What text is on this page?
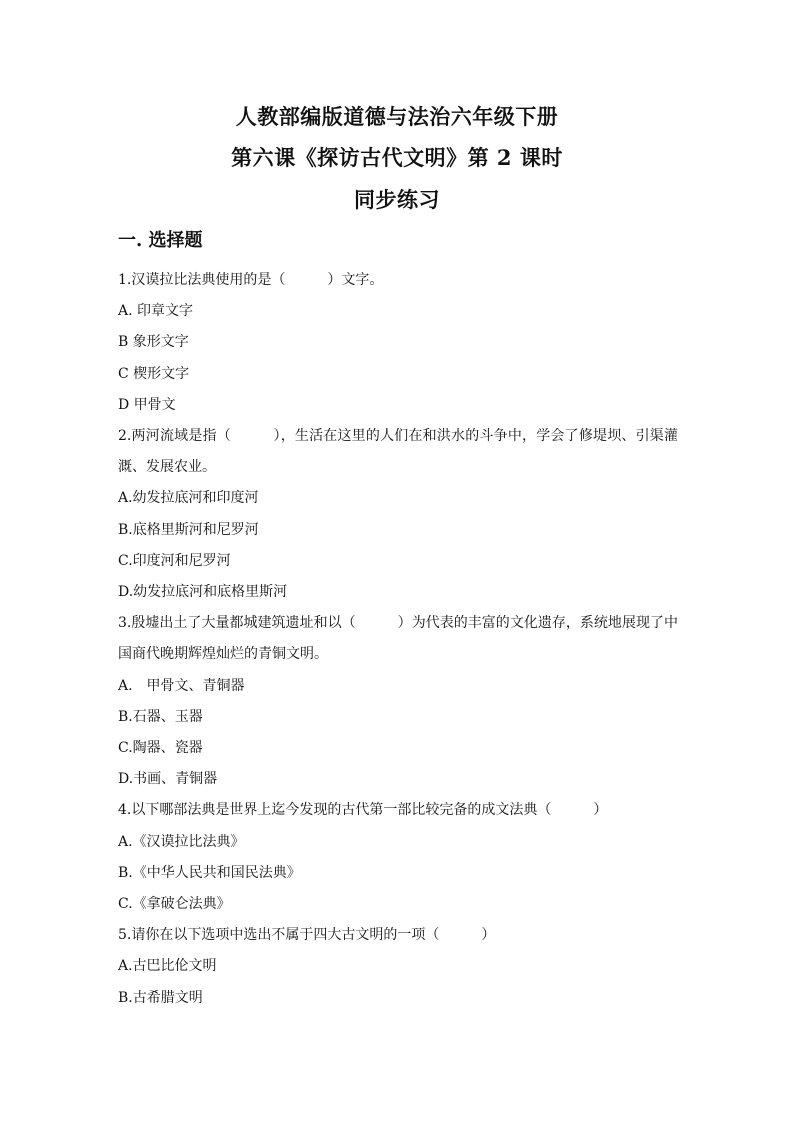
人教部编版道德与法治六年级下册
第六课《探访古代文明》第 2 课时
同步练习
一. 选择题

1.汉谟拉比法典使用的是（　　　）文字。

A. 印章文字

B 象形文字

C 楔形文字

D 甲骨文

2.两河流域是指（　　　），生活在这里的人们在和洪水的斗争中，学会了修堤坝、引渠灌溉、发展农业。

A.幼发拉底河和印度河

B.底格里斯河和尼罗河

C.印度河和尼罗河

D.幼发拉底河和底格里斯河

3.殷墟出土了大量都城建筑遗址和以（　　　）为代表的丰富的文化遗存，系统地展现了中国商代晚期辉煌灿烂的青铜文明。

A.　甲骨文、青铜器

B.石器、玉器

C.陶器、瓷器

D.书画、青铜器

4.以下哪部法典是世界上迄今发现的古代第一部比较完备的成文法典（　　　）

A.《汉谟拉比法典》

B.《中华人民共和国民法典》

C.《拿破仑法典》

5.请你在以下选项中选出不属于四大古文明的一项（　　　）

A.古巴比伦文明

B.古希腊文明
